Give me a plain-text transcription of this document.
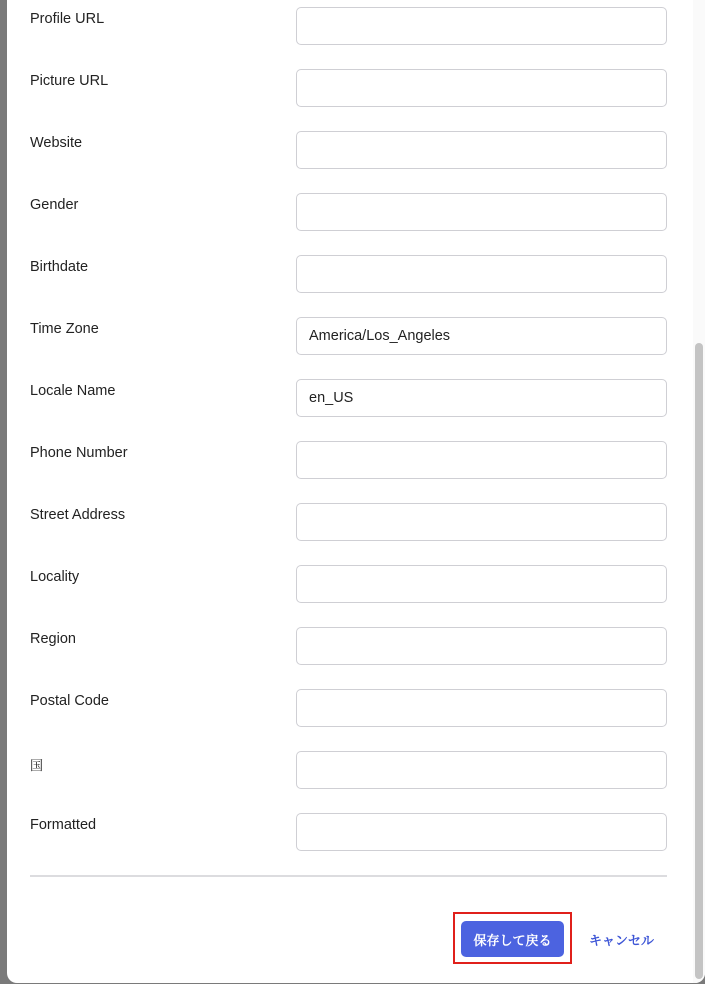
Profile URL
Picture URL
Website
Gender
Birthdate
Time Zone
America/Los_Angeles
Locale Name
en_US
Phone Number
Street Address
Locality
Region
Postal Code
国
Formatted
保存して戻る	キャンセル
